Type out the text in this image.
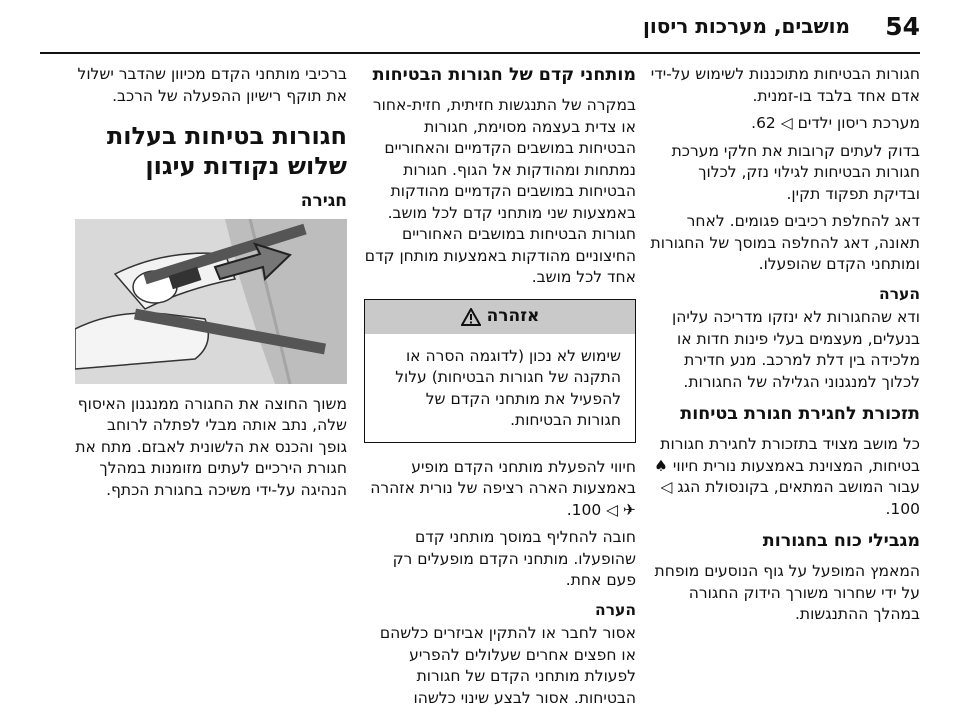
54
מושבים, מערכות ריסון

חגורות הבטיחות מתוכננות לשימוש על-ידי אדם אחד בלבד בו-זמנית.

מערכת ריסון ילדים ◁ 62.

בדוק לעתים קרובות את חלקי מערכת חגורות הבטיחות לגילוי נזק, לכלוך ובדיקת תפקוד תקין.

דאג להחלפת רכיבים פגומים. לאחר תאונה, דאג להחלפה במוסך של החגורות ומותחני הקדם שהופעלו.

הערה

ודא שהחגורות לא ינזקו מדריכה עליהן בנעלים, מעצמים בעלי פינות חדות או מלכידה בין דלת למרכב. מנע חדירת לכלוך למנגנוני הגלילה של החגורות.

תזכורת לחגירת חגורת בטיחות

כל מושב מצויד בתזכורת לחגירת חגורות בטיחות, המצוינת באמצעות נורית חיווי ♠ עבור המושב המתאים, בקונסולת הגג ◁ 100.

מגבילי כוח בחגורות

המאמץ המופעל על גוף הנוסעים מופחת על ידי שחרור משורך הידוק החגורה במהלך ההתנגשות.

מותחני קדם של חגורות הבטיחות

במקרה של התנגשות חזיתית, חזית-אחור או צדית בעצמה מסוימת, חגורות הבטיחות במושבים הקדמיים והאחוריים נמתחות ומהודקות אל הגוף. חגורות הבטיחות במושבים הקדמיים מהודקות באמצעות שני מותחני קדם לכל מושב. חגורות הבטיחות במושבים האחוריים החיצוניים מהודקות באמצעות מותחן קדם אחד לכל מושב.

אזהרה
שימוש לא נכון (לדוגמה הסרה או התקנה של חגורות הבטיחות) עלול להפעיל את מותחני הקדם של חגורות הבטיחות.

חיווי להפעלת מותחני הקדם מופיע באמצעות הארה רציפה של נורית אזהרה ✈ ◁ 100.

חובה להחליף במוסך מותחני קדם שהופעלו. מותחני הקדם מופעלים רק פעם אחת.

הערה

אסור לחבר או להתקין אביזרים כלשהם או חפצים אחרים שעלולים להפריע לפעולת מותחני הקדם של חגורות הבטיחות. אסור לבצע שינוי כלשהו

ברכיבי מותחני הקדם מכיוון שהדבר ישלול את תוקף רישיון ההפעלה של הרכב.

חגורות בטיחות בעלות שלוש נקודות עיגון
חגירה

משוך החוצה את החגורה ממנגנון האיסוף שלה, נתב אותה מבלי לפתלה לרוחב גופך והכנס את הלשונית לאבזם. מתח את חגורת הירכיים לעתים מזומנות במהלך הנהיגה על-ידי משיכה בחגורת הכתף.
